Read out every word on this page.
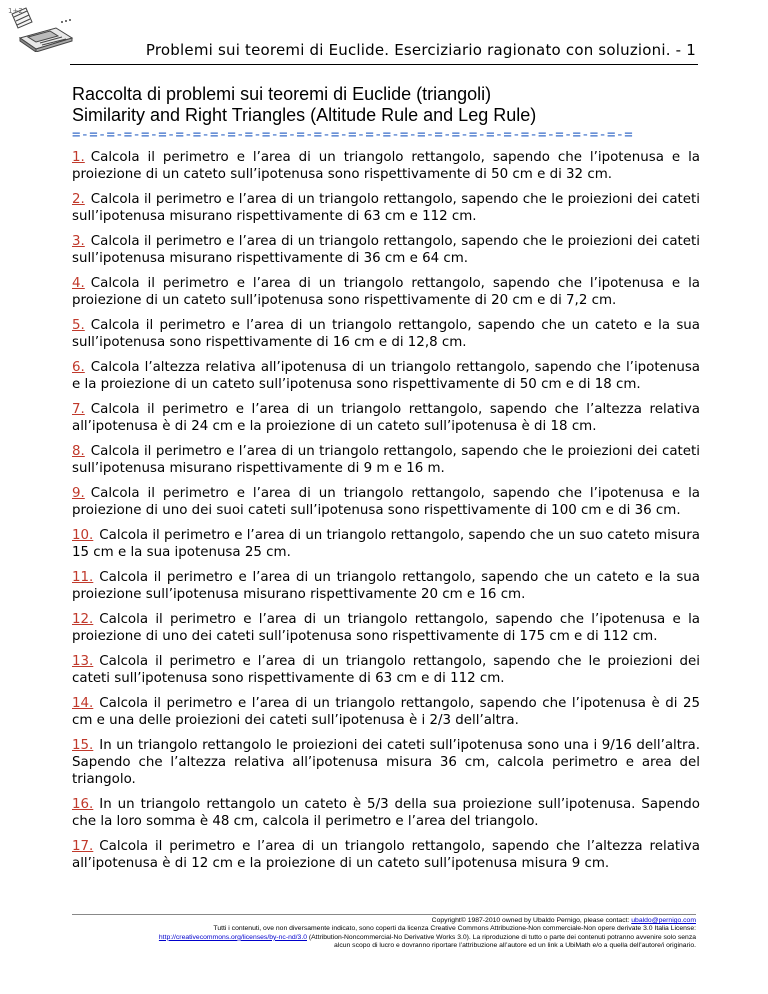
1+2
Problemi sui teoremi di Euclide. Eserciziario ragionato con soluzioni. - 1
Raccolta di problemi sui teoremi di Euclide (triangoli)
Similarity and Right Triangles (Altitude Rule and Leg Rule)
=-=-=-=-=-=-=-=-=-=-=-=-=-=-=-=-=-=-=-=-=-=-=-=-=-=-=-=-=-=-=-=-=

1. Calcola il perimetro e l’area di un triangolo rettangolo, sapendo che l’ipotenusa e la proiezione di un cateto sull’ipotenusa sono rispettivamente di 50 cm e di 32 cm.

2. Calcola il perimetro e l’area di un triangolo rettangolo, sapendo che le proiezioni dei cateti sull’ipotenusa misurano rispettivamente di 63 cm e 112 cm.

3. Calcola il perimetro e l’area di un triangolo rettangolo, sapendo che le proiezioni dei cateti sull’ipotenusa misurano rispettivamente di 36 cm e 64 cm.

4. Calcola il perimetro e l’area di un triangolo rettangolo, sapendo che l’ipotenusa e la proiezione di un cateto sull’ipotenusa sono rispettivamente di 20 cm e di 7,2 cm.

5. Calcola il perimetro e l’area di un triangolo rettangolo, sapendo che un cateto e la sua sull’ipotenusa sono rispettivamente di 16 cm e di 12,8 cm.

6. Calcola l’altezza relativa all’ipotenusa di un triangolo rettangolo, sapendo che l’ipotenusa e la proiezione di un cateto sull’ipotenusa sono rispettivamente di 50 cm e di 18 cm.

7. Calcola il perimetro e l’area di un triangolo rettangolo, sapendo che l’altezza relativa all’ipotenusa è di 24 cm e la proiezione di un cateto sull’ipotenusa è di 18 cm.

8. Calcola il perimetro e l’area di un triangolo rettangolo, sapendo che le proiezioni dei cateti sull’ipotenusa misurano rispettivamente di 9 m e 16 m.

9. Calcola il perimetro e l’area di un triangolo rettangolo, sapendo che l’ipotenusa e la proiezione di uno dei suoi cateti sull’ipotenusa sono rispettivamente di 100 cm e di 36 cm.

10. Calcola il perimetro e l’area di un triangolo rettangolo, sapendo che un suo cateto misura 15 cm e la sua ipotenusa 25 cm.

11. Calcola il perimetro e l’area di un triangolo rettangolo, sapendo che un cateto e la sua proiezione sull’ipotenusa misurano rispettivamente 20 cm e 16 cm.

12. Calcola il perimetro e l’area di un triangolo rettangolo, sapendo che l’ipotenusa e la proiezione di uno dei cateti sull’ipotenusa sono rispettivamente di 175 cm e di 112 cm.

13. Calcola il perimetro e l’area di un triangolo rettangolo, sapendo che le proiezioni dei cateti sull’ipotenusa sono rispettivamente di 63 cm e di 112 cm.

14. Calcola il perimetro e l’area di un triangolo rettangolo, sapendo che l’ipotenusa è di 25 cm e una delle proiezioni dei cateti sull’ipotenusa è i 2/3 dell’altra.

15. In un triangolo rettangolo le proiezioni dei cateti sull’ipotenusa sono una i 9/16 dell’altra. Sapendo che l’altezza relativa all’ipotenusa misura 36 cm, calcola perimetro e area del triangolo.

16. In un triangolo rettangolo un cateto è 5/3 della sua proiezione sull’ipotenusa. Sapendo che la loro somma è 48 cm, calcola il perimetro e l’area del triangolo.

17. Calcola il perimetro e l’area di un triangolo rettangolo, sapendo che l’altezza relativa all’ipotenusa è di 12 cm e la proiezione di un cateto sull’ipotenusa misura 9 cm.

Copyright© 1987-2010 owned by Ubaldo Pernigo, please contact: ubaldo@pernigo.com
Tutti i contenuti, ove non diversamente indicato, sono coperti da licenza Creative Commons Attribuzione-Non commerciale-Non opere derivate 3.0 Italia License:
http://creativecommons.org/licenses/by-nc-nd/3.0 (Attribution-Noncommercial-No Derivative Works 3.0). La riproduzione di tutto o parte dei contenuti potranno avvenire solo senza
alcun scopo di lucro e dovranno riportare l’attribuzione all’autore ed un link a UbiMath e/o a quella dell’autore/i originario.
